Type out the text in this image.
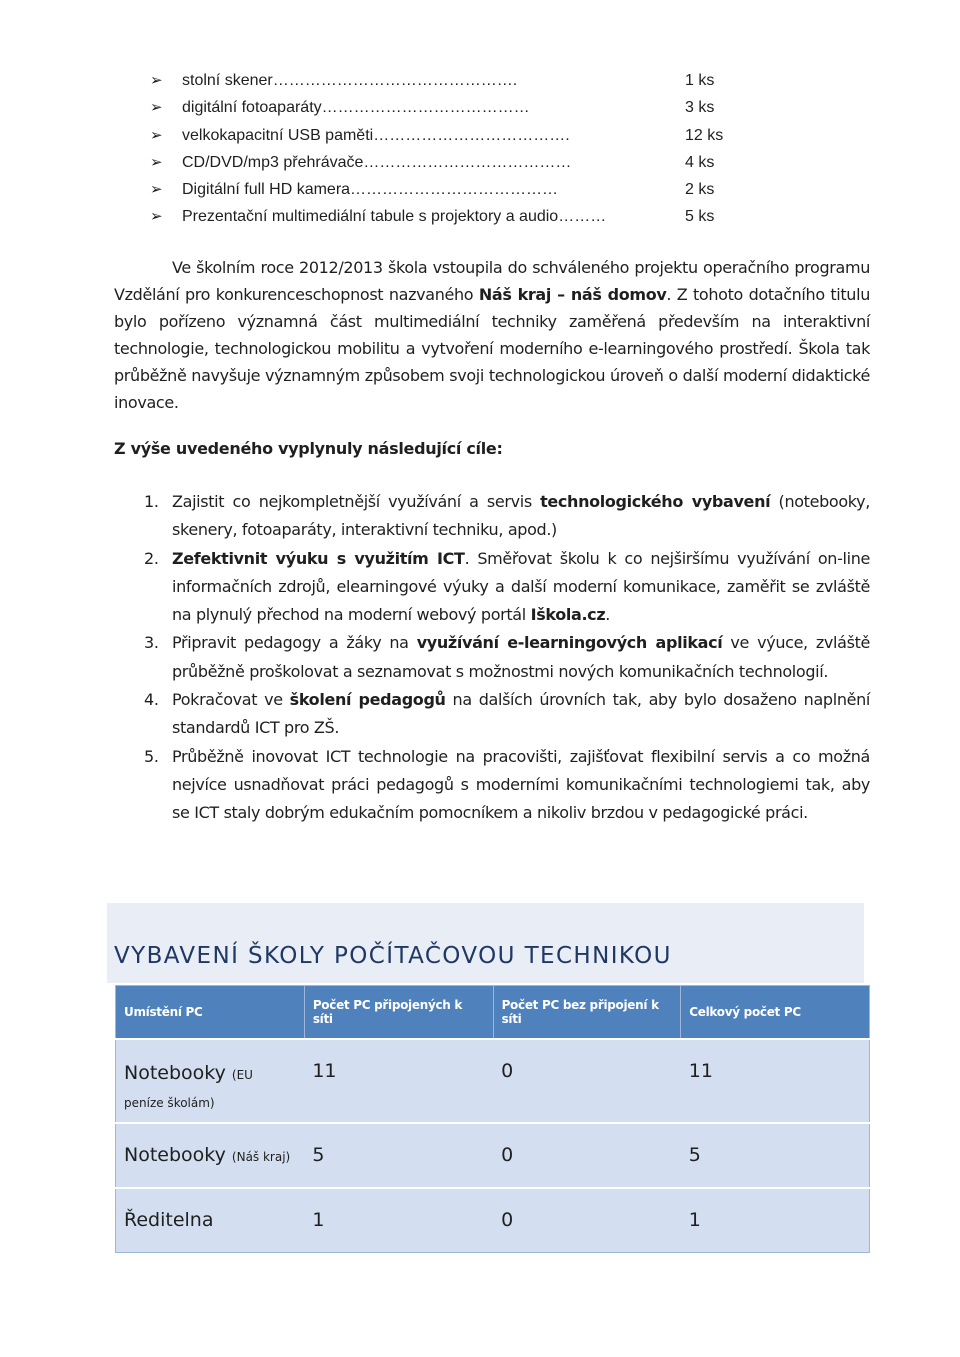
➢	stolní skener……………………………………….	1 ks
➢	digitální fotoaparáty…………………………………	3 ks
➢	velkokapacitní USB paměti……………………………….	12 ks
➢	CD/DVD/mp3 přehrávače…………………………………	4 ks
➢	Digitální full HD kamera…………………………………	2 ks
➢	Prezentační multimediální tabule s projektory a audio………	5 ks

Ve školním roce 2012/2013 škola vstoupila do schváleného projektu operačního programu Vzdělání pro konkurenceschopnost nazvaného Náš kraj – náš domov. Z tohoto dotačního titulu bylo pořízeno významná část multimediální techniky zaměřená především na interaktivní technologie, technologickou mobilitu a vytvoření moderního e-learningového prostředí. Škola tak průběžně navyšuje významným způsobem svoji technologickou úroveň o další moderní didaktické inovace.

Z výše uvedeného vyplynuly následující cíle:

1. Zajistit co nejkompletnější využívání a servis technologického vybavení (notebooky, skenery, fotoaparáty, interaktivní techniku, apod.)
2. Zefektivnit výuku s využitím ICT. Směřovat školu k co nejširšímu využívání on-line informačních zdrojů, elearningové výuky a další moderní komunikace, zaměřit se zvláště na plynulý přechod na moderní webový portál Iškola.cz.
3. Připravit pedagogy a žáky na využívání e-learningových aplikací ve výuce, zvláště průběžně proškolovat a seznamovat s možnostmi nových komunikačních technologií.
4. Pokračovat ve školení pedagogů na dalších úrovních tak, aby bylo dosaženo naplnění standardů ICT pro ZŠ.
5. Průběžně inovovat ICT technologie na pracovišti, zajišťovat flexibilní servis a co možná nejvíce usnadňovat práci pedagogů s moderními komunikačními technologiemi tak, aby se ICT staly dobrým edukačním pomocníkem a nikoliv brzdou v pedagogické práci.
VYBAVENÍ ŠKOLY POČÍTAČOVOU TECHNIKOU
Umístění PC	Počet PC připojených k síti	Počet PC bez připojení k síti	Celkový počet PC
Notebooky (EU peníze školám)	11	0	11
Notebooky (Náš kraj)	5	0	5
Ředitelna	1	0	1
